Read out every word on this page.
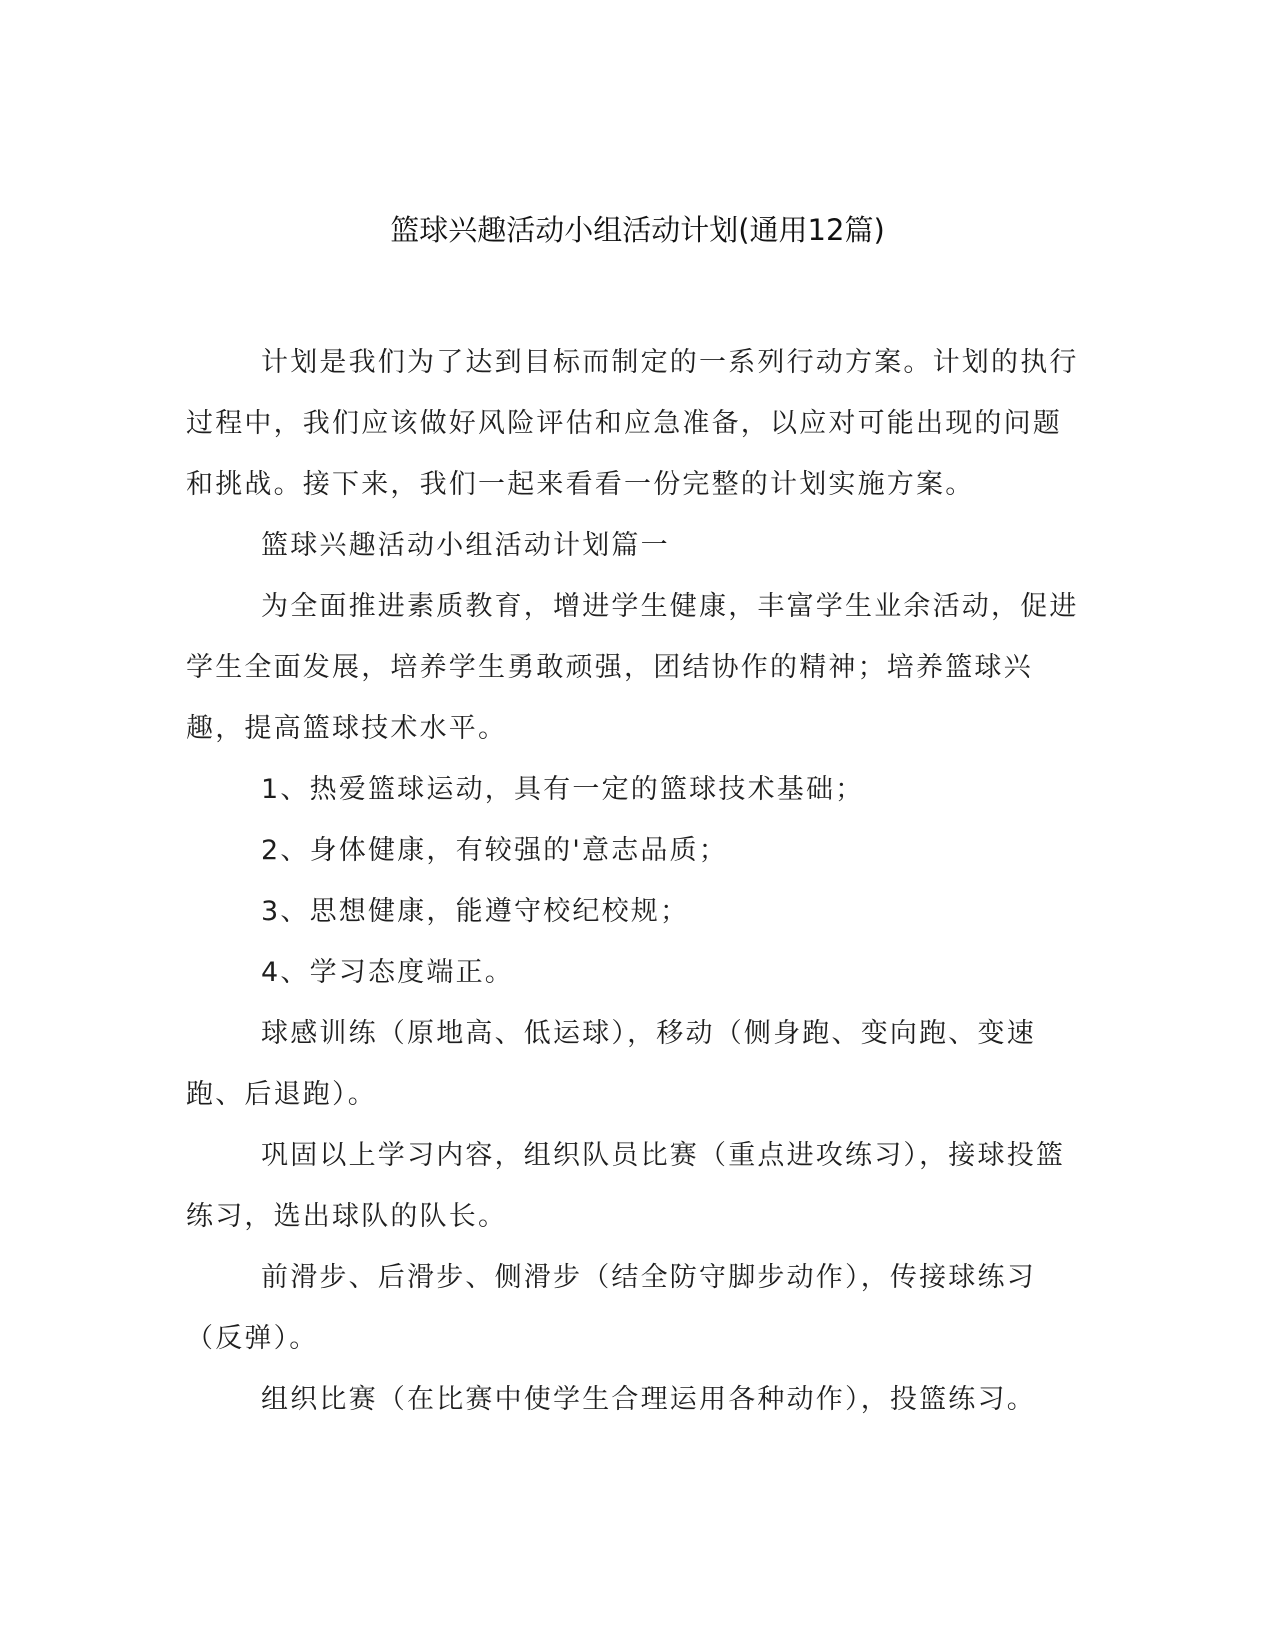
篮球兴趣活动小组活动计划(通用12篇)

计划是我们为了达到目标而制定的一系列行动方案。计划的执行过程中，我们应该做好风险评估和应急准备，以应对可能出现的问题和挑战。接下来，我们一起来看看一份完整的计划实施方案。

篮球兴趣活动小组活动计划篇一

为全面推进素质教育，增进学生健康，丰富学生业余活动，促进学生全面发展，培养学生勇敢顽强，团结协作的精神；培养篮球兴趣，提高篮球技术水平。

1、热爱篮球运动，具有一定的篮球技术基础；

2、身体健康，有较强的'意志品质；

3、思想健康，能遵守校纪校规；

4、学习态度端正。

球感训练（原地高、低运球），移动（侧身跑、变向跑、变速跑、后退跑）。

巩固以上学习内容，组织队员比赛（重点进攻练习），接球投篮练习，选出球队的队长。

前滑步、后滑步、侧滑步（结全防守脚步动作），传接球练习（反弹）。

组织比赛（在比赛中使学生合理运用各种动作），投篮练习。
